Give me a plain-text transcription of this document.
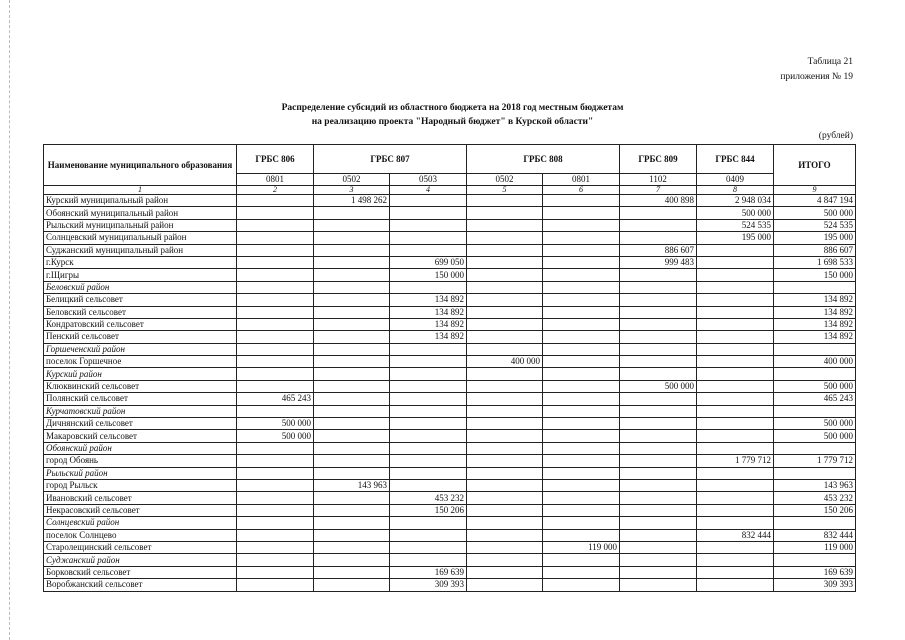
Таблица 21
приложения № 19
Распределение субсидий из областного бюджета на 2018 год местным бюджетам
на реализацию проекта "Народный бюджет" в Курской области"
(рублей)
Наименование муниципального образования	ГРБС 806	ГРБС 807		ГРБС 808		ГРБС 809	ГРБС 844	ИТОГО
	0801	0502	0503	0502	0801	1102	0409	
1	2	3	4	5	6	7	8	9
Курский муниципальный район		1 498 262				400 898	2 948 034	4 847 194
Обоянский муниципальный район							500 000	500 000
Рыльский муниципальный район							524 535	524 535
Солнцевский муниципальный район							195 000	195 000
Суджанский муниципальный район						886 607		886 607
г.Курск			699 050			999 483		1 698 533
г.Щигры			150 000					150 000
Беловский район								
Белицкий сельсовет			134 892					134 892
Беловский сельсовет			134 892					134 892
Кондратовский сельсовет			134 892					134 892
Пенский сельсовет			134 892					134 892
Горшеченский район								
поселок Горшечное				400 000				400 000
Курский район								
Клюквинский сельсовет						500 000		500 000
Полянский сельсовет	465 243							465 243
Курчатовский район								
Дичнянский сельсовет	500 000							500 000
Макаровский сельсовет	500 000							500 000
Обоянский район								
город Обоянь							1 779 712	1 779 712
Рыльский район								
город Рыльск		143 963						143 963
Ивановский сельсовет			453 232					453 232
Некрасовский сельсовет			150 206					150 206
Солнцевский район								
поселок Солнцево							832 444	832 444
Старолещинский сельсовет					119 000			119 000
Суджанский район								
Борковский сельсовет			169 639					169 639
Воробжанский сельсовет			309 393					309 393
